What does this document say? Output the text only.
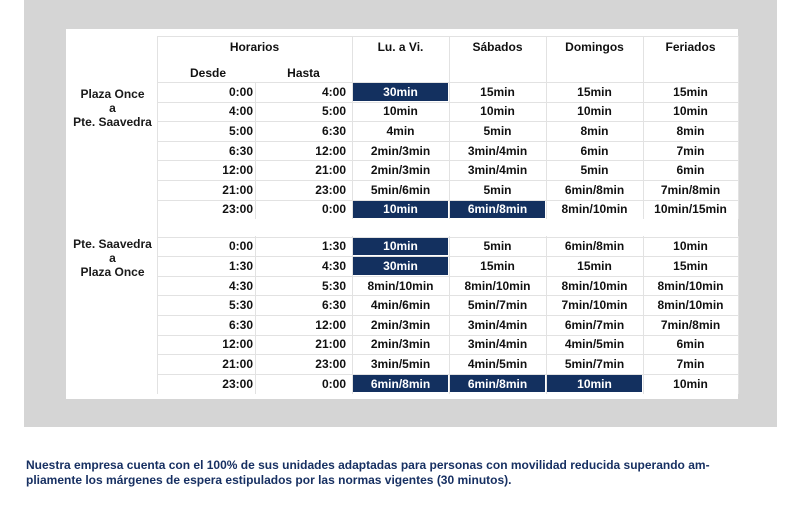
Horarios	Lu. a Vi.	Sábados	Domingos	Feriados
Desde	Hasta
Plaza Once
a
Pte. Saavedra
Pte. Saavedra
a
Plaza Once
0:00	4:00	30min	15min	15min	15min
4:00	5:00	10min	10min	10min	10min
5:00	6:30	4min	5min	8min	8min
6:30	12:00	2min/3min	3min/4min	6min	7min
12:00	21:00	2min/3min	3min/4min	5min	6min
21:00	23:00	5min/6min	5min	6min/8min	7min/8min
23:00	0:00	10min	6min/8min	8min/10min	10min/15min
0:00	1:30	10min	5min	6min/8min	10min
1:30	4:30	30min	15min	15min	15min
4:30	5:30	8min/10min	8min/10min	8min/10min	8min/10min
5:30	6:30	4min/6min	5min/7min	7min/10min	8min/10min
6:30	12:00	2min/3min	3min/4min	6min/7min	7min/8min
12:00	21:00	2min/3min	3min/4min	4min/5min	6min
21:00	23:00	3min/5min	4min/5min	5min/7min	7min
23:00	0:00	6min/8min	6min/8min	10min	10min
Nuestra empresa cuenta con el 100% de sus unidades adaptadas para personas con movilidad reducida superando am-
pliamente los márgenes de espera estipulados por las normas vigentes (30 minutos).
